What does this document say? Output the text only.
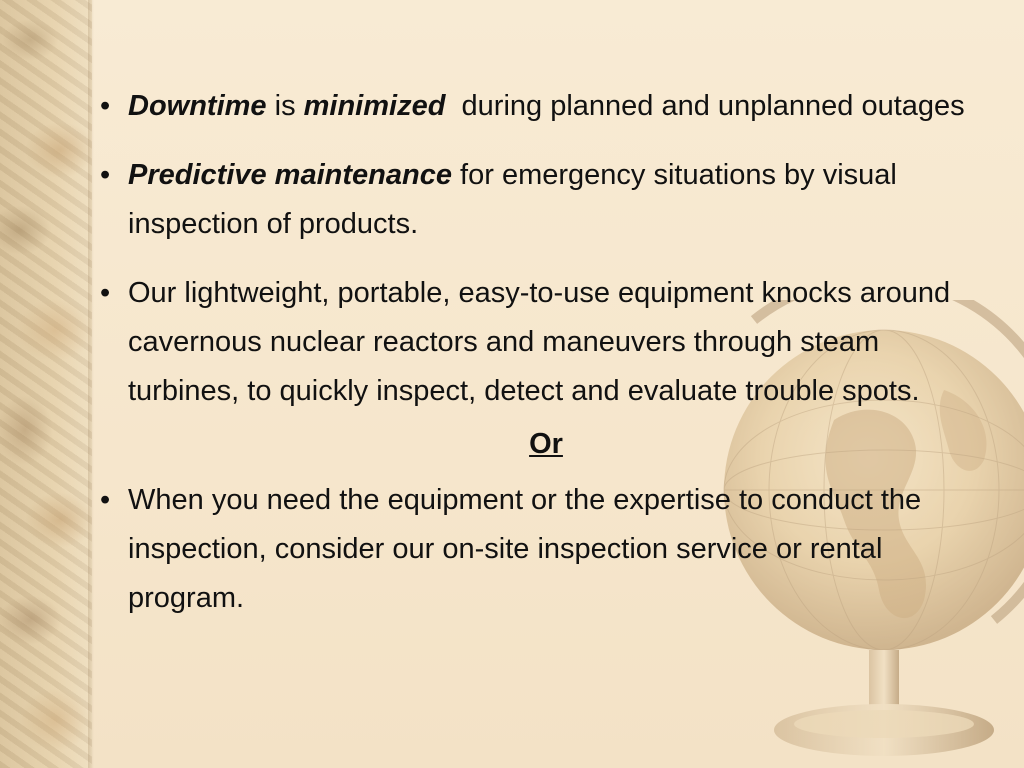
• Downtime is minimized  during planned and unplanned outages
• Predictive maintenance for emergency situations by visual inspection of products.
• Our lightweight, portable, easy-to-use equipment knocks around cavernous nuclear reactors and maneuvers through steam turbines, to quickly inspect, detect and evaluate trouble spots.
Or
• When you need the equipment or the expertise to conduct the inspection, consider our on-site inspection service or rental program.
